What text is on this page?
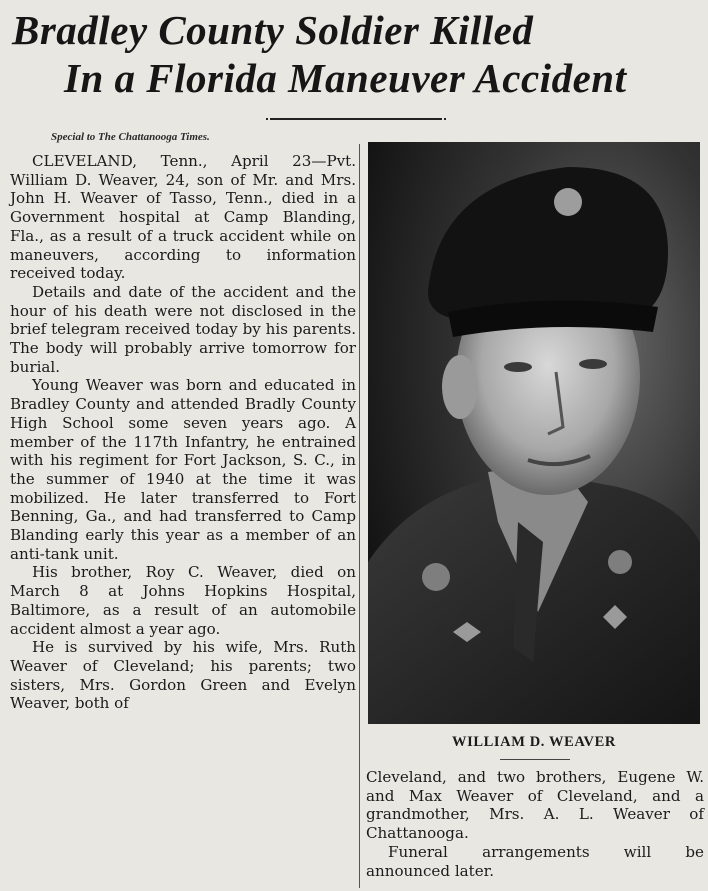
Bradley County Soldier Killed
In a Florida Maneuver Accident
Special to The Chattanooga Times.

CLEVELAND, Tenn., April 23—Pvt. William D. Weaver, 24, son of Mr. and Mrs. John H. Weaver of Tasso, Tenn., died in a Government hospital at Camp Blanding, Fla., as a result of a truck accident while on maneuvers, according to information received today.

Details and date of the accident and the hour of his death were not disclosed in the brief telegram received today by his parents. The body will probably arrive tomorrow for burial.

Young Weaver was born and educated in Bradley County and attended Bradly County High School some seven years ago. A member of the 117th Infantry, he entrained with his regiment for Fort Jackson, S. C., in the summer of 1940 at the time it was mobilized. He later transferred to Fort Benning, Ga., and had transferred to Camp Blanding early this year as a member of an anti-tank unit.

His brother, Roy C. Weaver, died on March 8 at Johns Hopkins Hospital, Baltimore, as a result of an automobile accident almost a year ago.

He is survived by his wife, Mrs. Ruth Weaver of Cleveland; his parents; two sisters, Mrs. Gordon Green and Evelyn Weaver, both of

WILLIAM D. WEAVER

Cleveland, and two brothers, Eugene W. and Max Weaver of Cleveland, and a grandmother, Mrs. A. L. Weaver of Chattanooga.

Funeral arrangements will be announced later.
